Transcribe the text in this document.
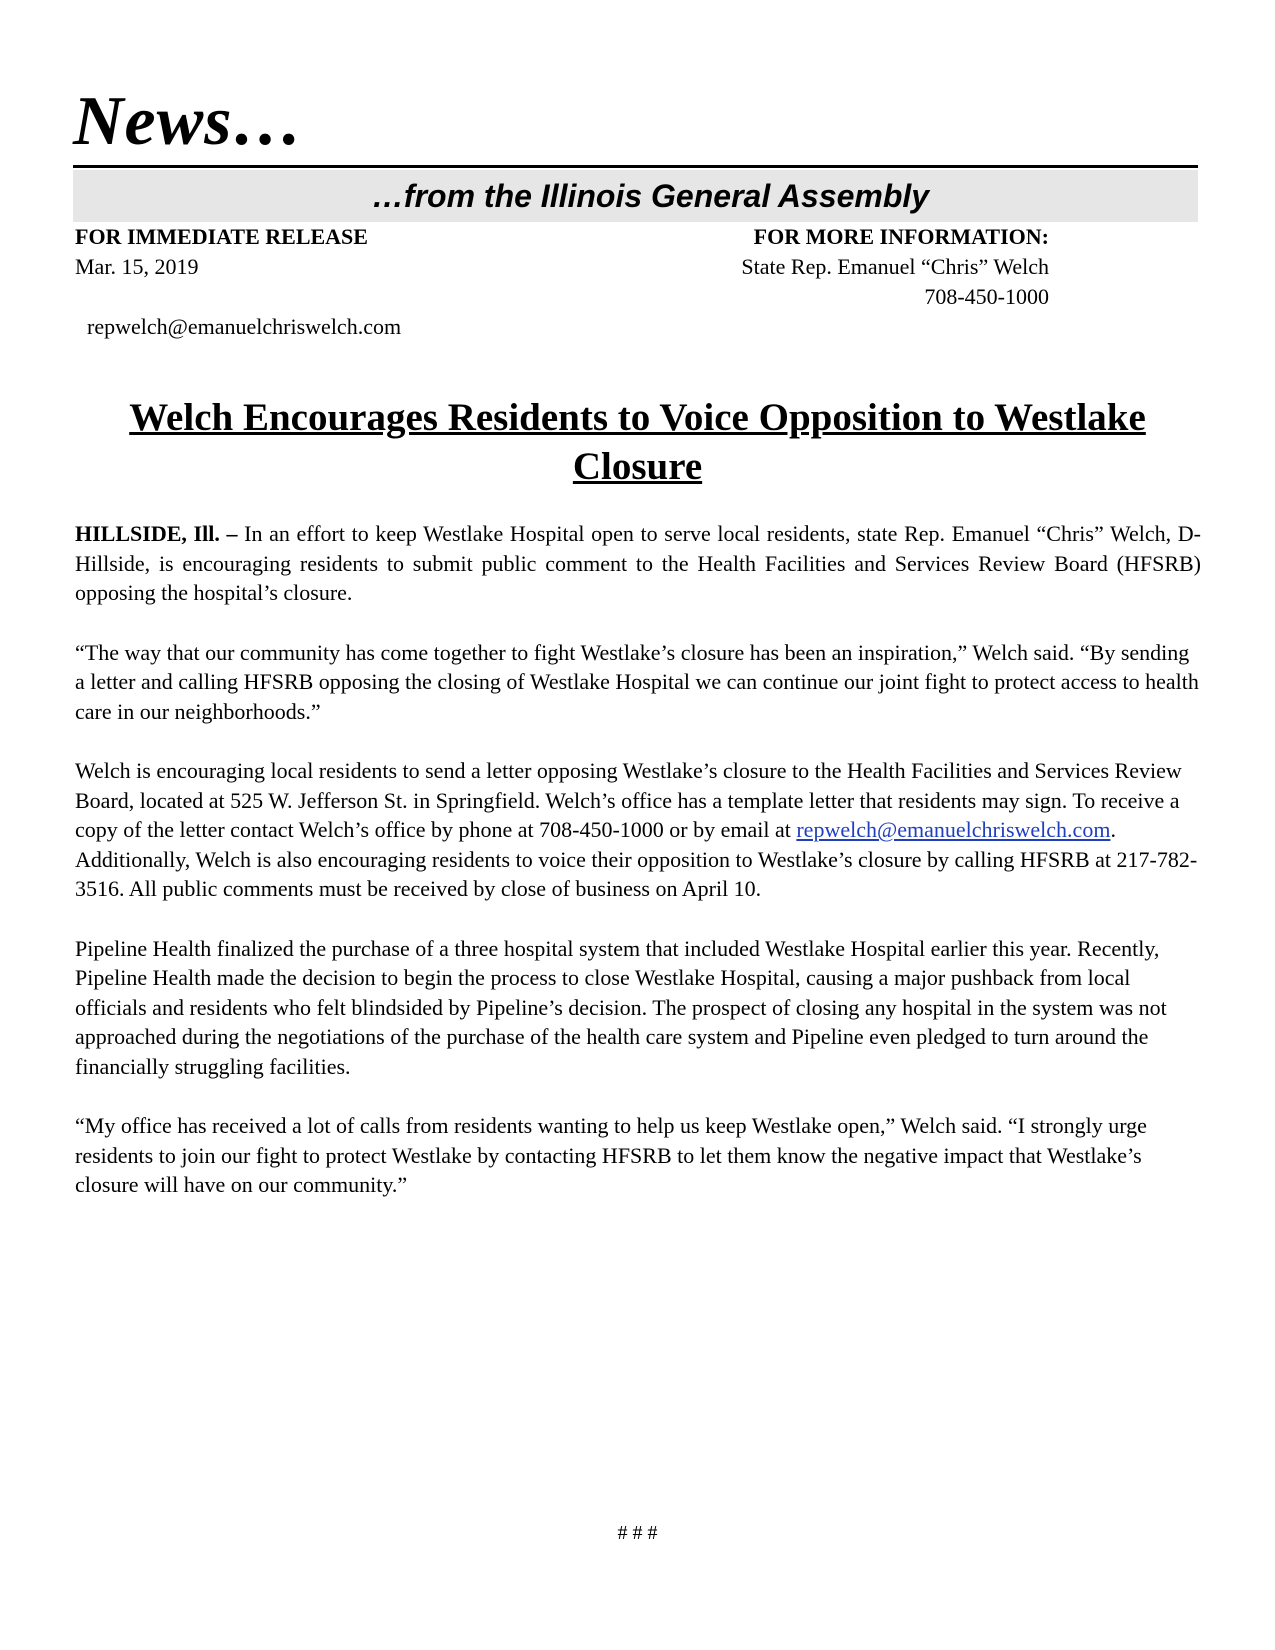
News…
…from the Illinois General Assembly
FOR IMMEDIATE RELEASE
Mar. 15, 2019
FOR MORE INFORMATION:
State Rep. Emanuel “Chris” Welch
708-450-1000
repwelch@emanuelchriswelch.com
Welch Encourages Residents to Voice Opposition to Westlake Closure

HILLSIDE, Ill. – In an effort to keep Westlake Hospital open to serve local residents, state Rep. Emanuel “Chris” Welch, D-Hillside, is encouraging residents to submit public comment to the Health Facilities and Services Review Board (HFSRB) opposing the hospital’s closure.

“The way that our community has come together to fight Westlake’s closure has been an inspiration,” Welch said. “By sending a letter and calling HFSRB opposing the closing of Westlake Hospital we can continue our joint fight to protect access to health care in our neighborhoods.”

Welch is encouraging local residents to send a letter opposing Westlake’s closure to the Health Facilities and Services Review Board, located at 525 W. Jefferson St. in Springfield. Welch’s office has a template letter that residents may sign. To receive a copy of the letter contact Welch’s office by phone at 708-450-1000 or by email at repwelch@emanuelchriswelch.com. Additionally, Welch is also encouraging residents to voice their opposition to Westlake’s closure by calling HFSRB at 217-782-3516. All public comments must be received by close of business on April 10.

Pipeline Health finalized the purchase of a three hospital system that included Westlake Hospital earlier this year. Recently, Pipeline Health made the decision to begin the process to close Westlake Hospital, causing a major pushback from local officials and residents who felt blindsided by Pipeline’s decision. The prospect of closing any hospital in the system was not approached during the negotiations of the purchase of the health care system and Pipeline even pledged to turn around the financially struggling facilities.

“My office has received a lot of calls from residents wanting to help us keep Westlake open,” Welch said. “I strongly urge residents to join our fight to protect Westlake by contacting HFSRB to let them know the negative impact that Westlake’s closure will have on our community.”

# # #
